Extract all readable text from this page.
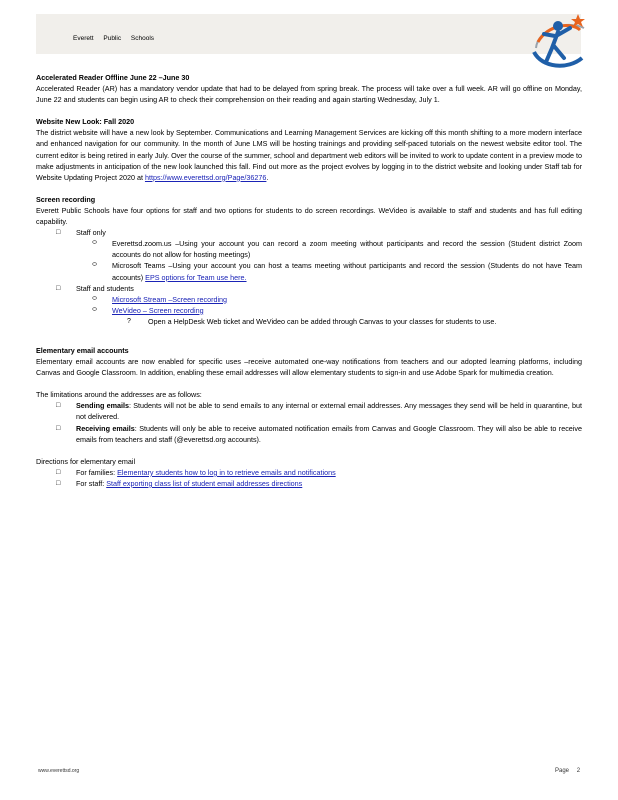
Everett Public Schools

Accelerated Reader Offline June 22 –June 30

Accelerated Reader (AR) has a mandatory vendor update that had to be delayed from spring break. The process will take over a full week. AR will go offline on Monday, June 22 and students can begin using AR to check their comprehension on their reading and again starting Wednesday, July 1.

Website New Look: Fall 2020

The district website will have a new look by September. Communications and Learning Management Services are kicking off this month shifting to a more modern interface and enhanced navigation for our community. In the month of June LMS will be hosting trainings and providing self-paced tutorials on the newest website editor tool. The current editor is being retired in early July. Over the course of the summer, school and department web editors will be invited to work to update content in a preview mode to make adjustments in anticipation of the new look launched this fall. Find out more as the project evolves by logging in to the district website and looking under Staff tab for Website Updating Project 2020 at https://www.everettsd.org/Page/36276.

Screen recording

Everett Public Schools have four options for staff and two options for students to do screen recordings. WeVideo is available to staff and students and has full editing capability.

□ Staff only
⬭ Everettsd.zoom.us –Using your account you can record a zoom meeting without participants and record the session (Student district Zoom accounts do not allow for hosting meetings)

⬭ Microsoft Teams –Using your account you can host a teams meeting without participants and record the session (Students do not have Team accounts) EPS options for Team use here.

□ Staff and students
⬭ Microsoft Stream –Screen recording
⬭ WeVideo – Screen recording
? Open a HelpDesk Web ticket and WeVideo can be added through Canvas to your classes for students to use.

Elementary email accounts

Elementary email accounts are now enabled for specific uses –receive automated one-way notifications from teachers and our adopted learning platforms, including Canvas and Google Classroom. In addition, enabling these email addresses will allow elementary students to sign-in and use Adobe Spark for multimedia creation.

The limitations around the addresses are as follows:

□ Sending emails: Students will not be able to send emails to any internal or external email addresses. Any messages they send will be held in quarantine, but not delivered.

□ Receiving emails: Students will only be able to receive automated notification emails from Canvas and Google Classroom. They will also be able to receive emails from teachers and staff (@everettsd.org accounts).

Directions for elementary email

□ For families: Elementary students how to log in to retrieve emails and notifications
□ For staff: Staff exporting class list of student email addresses directions
www.everettsd.org	Page 2
